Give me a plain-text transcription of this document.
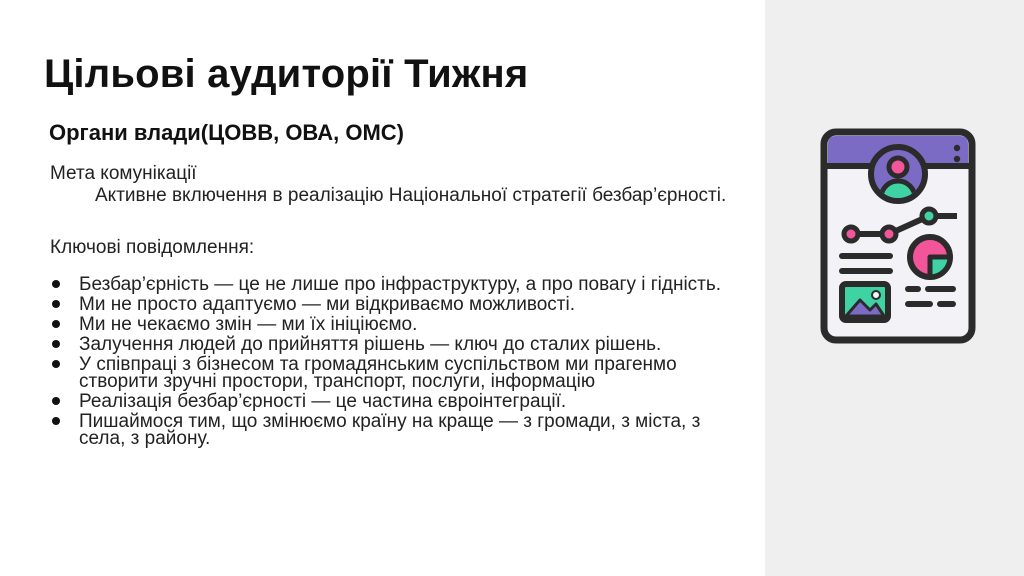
Цільові аудиторії Тижня
Органи влади(ЦОВВ, ОВА, ОМС)
Мета комунікації
Активне включення в реалізацію Національної стратегії безбар’єрності.
Ключові повідомлення:
Безбар’єрність — це не лише про інфраструктуру, а про повагу і гідність.
Ми не просто адаптуємо — ми відкриваємо можливості.
Ми не чекаємо змін — ми їх ініціюємо.
Залучення людей до прийняття рішень — ключ до сталих рішень.
У співпраці з бізнесом та громадянським суспільством ми прагенмо створити зручні простори, транспорт, послуги, інформацію
Реалізація безбар’єрності — це частина євроінтеграції.
Пишаймося тим, що змінюємо країну на краще — з громади, з міста, з села, з району.
